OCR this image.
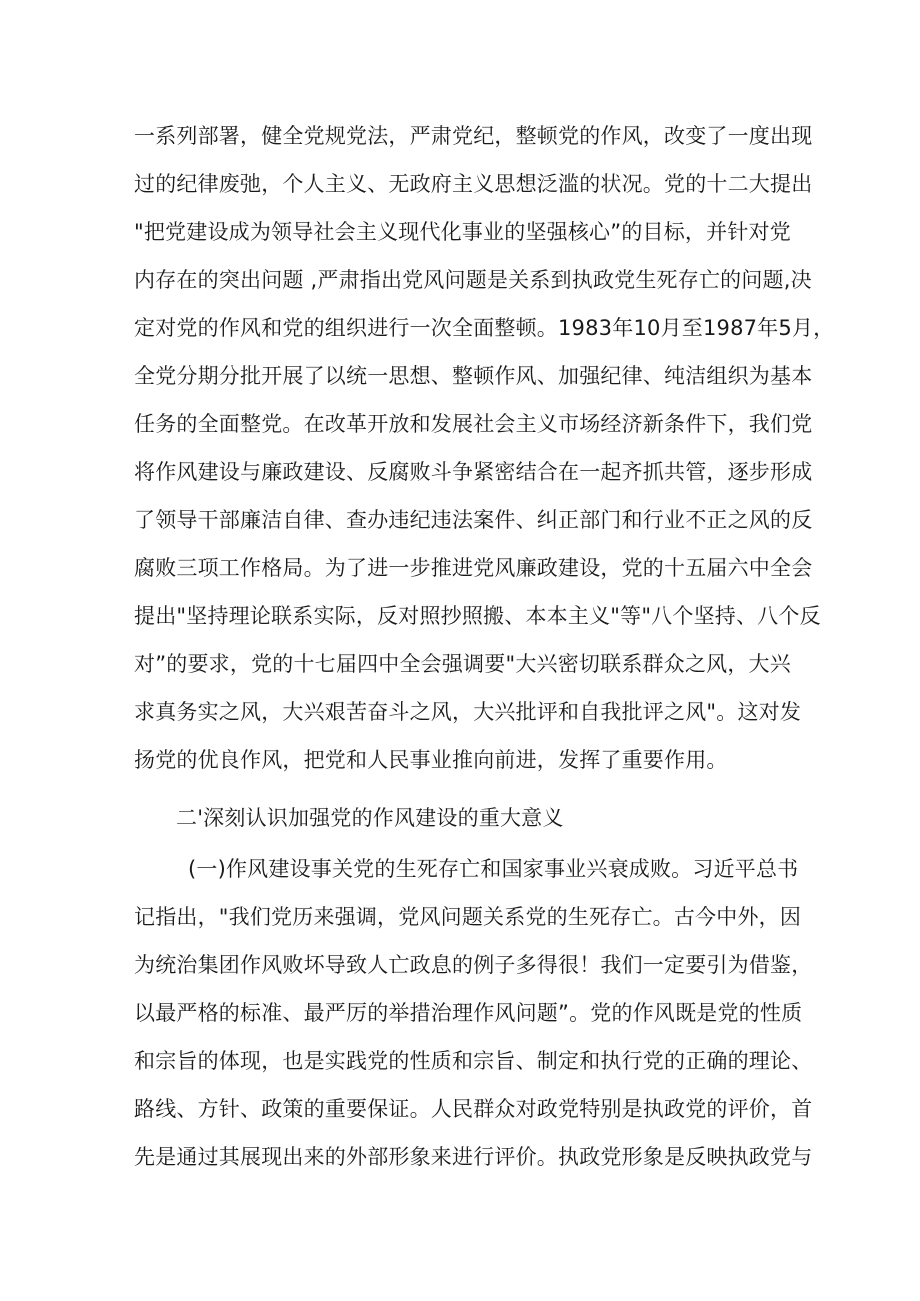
一系列部署，健全党规党法，严肃党纪，整顿党的作风，改变了一度出现
过的纪律废弛，个人主义、无政府主义思想泛滥的状况。党的十二大提出
"把党建设成为领导社会主义现代化事业的坚强核心”的目标，并针对党
内存在的突出问题 ,严肃指出党风问题是关系到执政党生死存亡的问题,决
定对党的作风和党的组织进行一次全面整顿。1983年10月至1987年5月，
全党分期分批开展了以统一思想、整顿作风、加强纪律、纯洁组织为基本
任务的全面整党。在改革开放和发展社会主义市场经济新条件下，我们党
将作风建设与廉政建设、反腐败斗争紧密结合在一起齐抓共管，逐步形成
了领导干部廉洁自律、查办违纪违法案件、纠正部门和行业不正之风的反
腐败三项工作格局。为了进一步推进党风廉政建设，党的十五届六中全会
提出"坚持理论联系实际，反对照抄照搬、本本主义"等"八个坚持、八个反
对”的要求，党的十七届四中全会强调要"大兴密切联系群众之风，大兴
求真务实之风，大兴艰苦奋斗之风，大兴批评和自我批评之风"。这对发
扬党的优良作风，把党和人民事业推向前进，发挥了重要作用。
二'深刻认识加强党的作风建设的重大意义
(一)作风建设事关党的生死存亡和国家事业兴衰成败。习近平总书
记指出，"我们党历来强调，党风问题关系党的生死存亡。古今中外，因
为统治集团作风败坏导致人亡政息的例子多得很！我们一定要引为借鉴，
以最严格的标准、最严厉的举措治理作风问题”。党的作风既是党的性质
和宗旨的体现，也是实践党的性质和宗旨、制定和执行党的正确的理论、
路线、方针、政策的重要保证。人民群众对政党特别是执政党的评价，首
先是通过其展现出来的外部形象来进行评价。执政党形象是反映执政党与
